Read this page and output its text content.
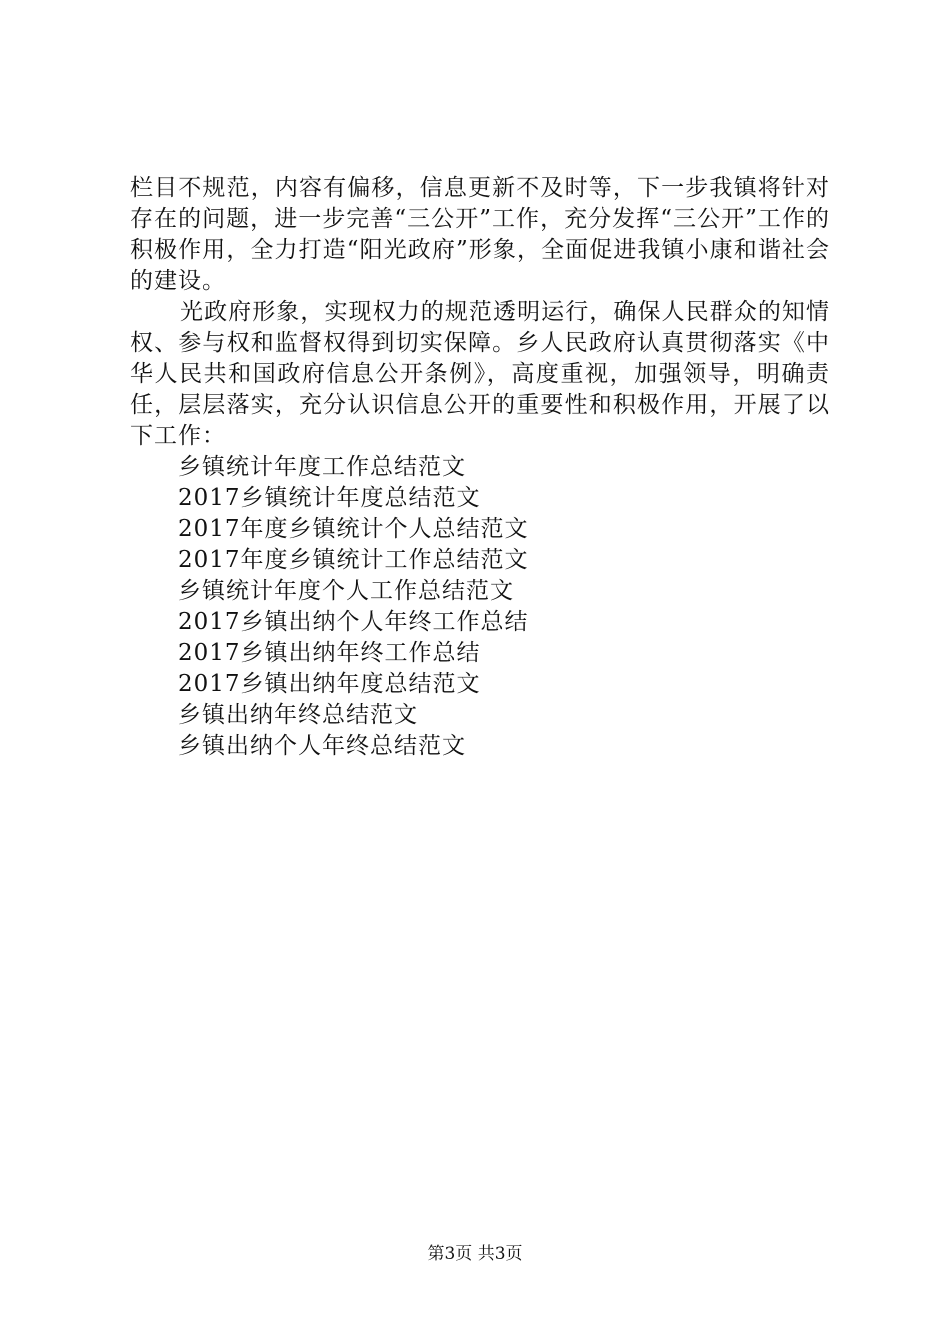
栏目不规范，内容有偏移，信息更新不及时等，下一步我镇将针对存在的问题，进一步完善“三公开”工作，充分发挥“三公开”工作的积极作用，全力打造“阳光政府”形象，全面促进我镇小康和谐社会的建设。

光政府形象，实现权力的规范透明运行，确保人民群众的知情权、参与权和监督权得到切实保障。乡人民政府认真贯彻落实《中华人民共和国政府信息公开条例》，高度重视，加强领导，明确责任，层层落实，充分认识信息公开的重要性和积极作用，开展了以下工作：

乡镇统计年度工作总结范文
2017乡镇统计年度总结范文
2017年度乡镇统计个人总结范文
2017年度乡镇统计工作总结范文
乡镇统计年度个人工作总结范文
2017乡镇出纳个人年终工作总结
2017乡镇出纳年终工作总结
2017乡镇出纳年度总结范文
乡镇出纳年终总结范文
乡镇出纳个人年终总结范文
第3页 共3页
